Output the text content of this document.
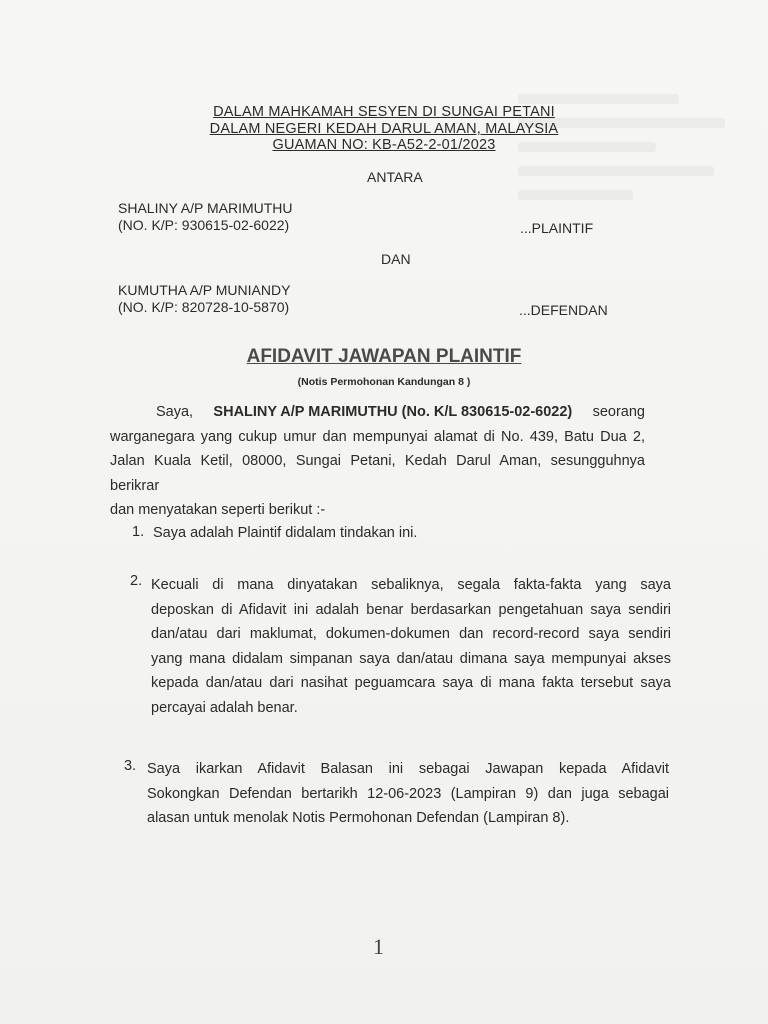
DALAM MAHKAMAH SESYEN DI SUNGAI PETANI
DALAM NEGERI KEDAH DARUL AMAN, MALAYSIA
GUAMAN NO: KB-A52-2-01/2023
ANTARA
SHALINY A/P MARIMUTHU
(NO. K/P: 930615-02-6022)	...PLAINTIF
DAN
KUMUTHA A/P MUNIANDY
(NO. K/P: 820728-10-5870)	...DEFENDAN
AFIDAVIT JAWAPAN PLAINTIF
(Notis Permohonan Kandungan 8 )
Saya, SHALINY A/P MARIMUTHU (No. K/L 830615-02-6022) seorang
warganegara yang cukup umur dan mempunyai alamat di No. 439, Batu Dua 2,
Jalan Kuala Ketil, 08000, Sungai Petani, Kedah Darul Aman, sesungguhnya berikrar
dan menyatakan seperti berikut :-
1. Saya adalah Plaintif didalam tindakan ini.
2. Kecuali di mana dinyatakan sebaliknya, segala fakta-fakta yang saya
deposkan di Afidavit ini adalah benar berdasarkan pengetahuan saya sendiri
dan/atau dari maklumat, dokumen-dokumen dan record-record saya sendiri
yang mana didalam simpanan saya dan/atau dimana saya mempunyai akses
kepada dan/atau dari nasihat peguamcara saya di mana fakta tersebut saya
percayai adalah benar.
3. Saya ikarkan Afidavit Balasan ini sebagai Jawapan kepada Afidavit
Sokongkan Defendan bertarikh 12-06-2023 (Lampiran 9) dan juga sebagai
alasan untuk menolak Notis Permohonan Defendan (Lampiran 8).
1
